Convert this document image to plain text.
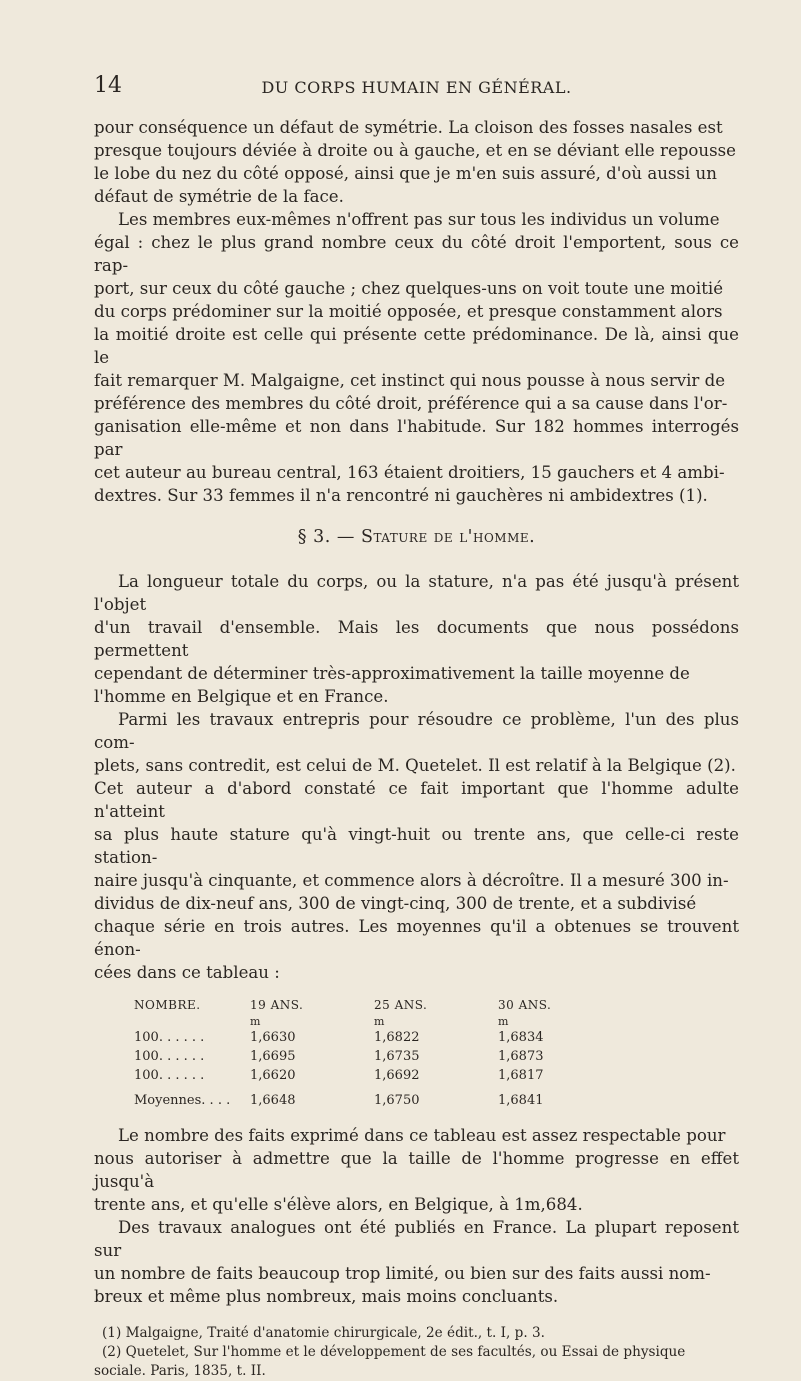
14	DU CORPS HUMAIN EN GÉNÉRAL.

pour conséquence un défaut de symétrie. La cloison des fosses nasales est
presque toujours déviée à droite ou à gauche, et en se déviant elle repousse
le lobe du nez du côté opposé, ainsi que je m'en suis assuré, d'où aussi un
défaut de symétrie de la face.

Les membres eux-mêmes n'offrent pas sur tous les individus un volume
égal : chez le plus grand nombre ceux du côté droit l'emportent, sous ce rap-
port, sur ceux du côté gauche ; chez quelques-uns on voit toute une moitié
du corps prédominer sur la moitié opposée, et presque constamment alors
la moitié droite est celle qui présente cette prédominance. De là, ainsi que le
fait remarquer M. Malgaigne, cet instinct qui nous pousse à nous servir de
préférence des membres du côté droit, préférence qui a sa cause dans l'or-
ganisation elle-même et non dans l'habitude. Sur 182 hommes interrogés par
cet auteur au bureau central, 163 étaient droitiers, 15 gauchers et 4 ambi-
dextres. Sur 33 femmes il n'a rencontré ni gauchères ni ambidextres (1).

§ 3. — Stature de l'homme.

La longueur totale du corps, ou la stature, n'a pas été jusqu'à présent l'objet
d'un travail d'ensemble. Mais les documents que nous possédons permettent
cependant de déterminer très-approximativement la taille moyenne de
l'homme en Belgique et en France.

Parmi les travaux entrepris pour résoudre ce problème, l'un des plus com-
plets, sans contredit, est celui de M. Quetelet. Il est relatif à la Belgique (2).
Cet auteur a d'abord constaté ce fait important que l'homme adulte n'atteint
sa plus haute stature qu'à vingt-huit ou trente ans, que celle-ci reste station-
naire jusqu'à cinquante, et commence alors à décroître. Il a mesuré 300 in-
dividus de dix-neuf ans, 300 de vingt-cinq, 300 de trente, et a subdivisé
chaque série en trois autres. Les moyennes qu'il a obtenues se trouvent énon-
cées dans ce tableau :

NOMBRE.	19 ANS.	25 ANS.	30 ANS.
	m	m	m
100. . . . . .	1,6630	1,6822	1,6834
100. . . . . .	1,6695	1,6735	1,6873
100. . . . . .	1,6620	1,6692	1,6817
Moyennes. . . .	1,6648	1,6750	1,6841

Le nombre des faits exprimé dans ce tableau est assez respectable pour
nous autoriser à admettre que la taille de l'homme progresse en effet jusqu'à
trente ans, et qu'elle s'élève alors, en Belgique, à 1m,684.

Des travaux analogues ont été publiés en France. La plupart reposent sur
un nombre de faits beaucoup trop limité, ou bien sur des faits aussi nom-
breux et même plus nombreux, mais moins concluants.

(1) Malgaigne, Traité d'anatomie chirurgicale, 2e édit., t. I, p. 3.
(2) Quetelet, Sur l'homme et le développement de ses facultés, ou Essai de physique
sociale. Paris, 1835, t. II.
